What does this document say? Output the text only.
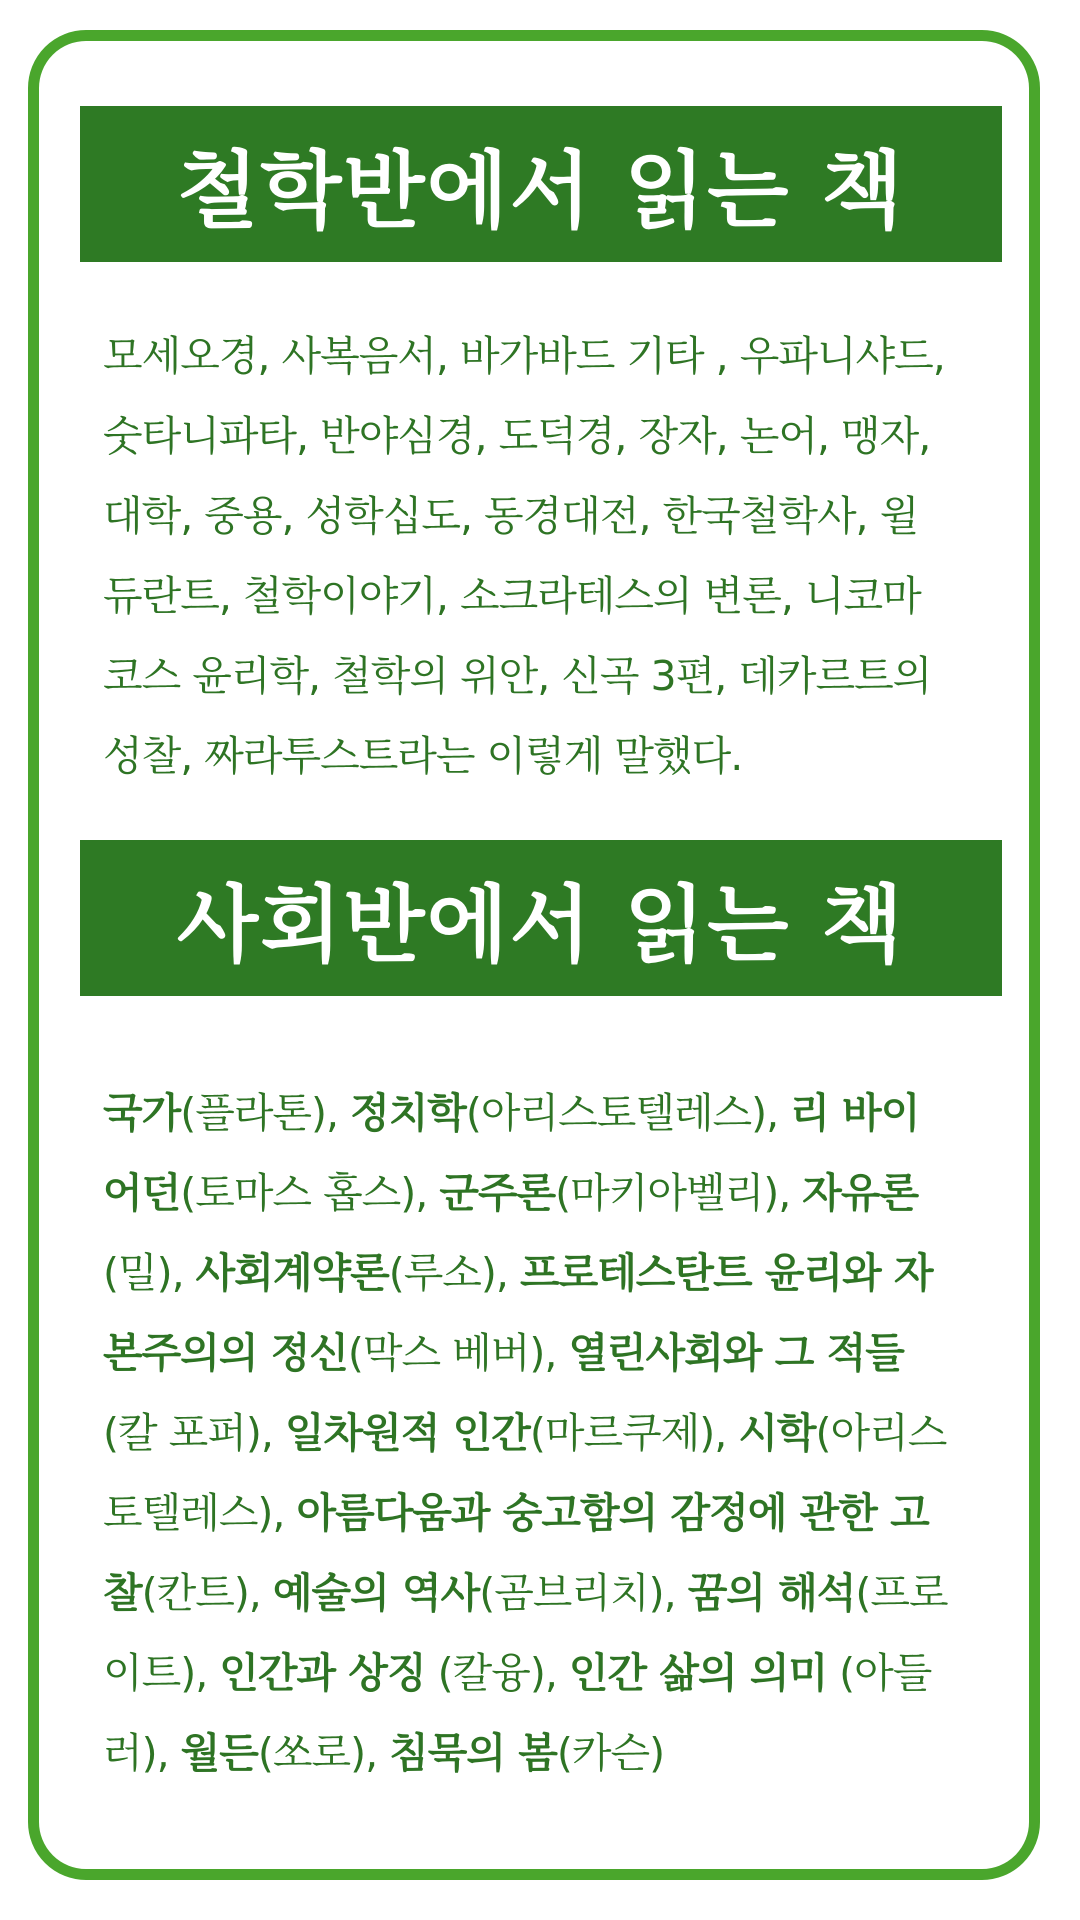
철학반에서 읽는 책
모세오경, 사복음서, 바가바드 기타 , 우파니샤드,
숫타니파타, 반야심경, 도덕경, 장자, 논어, 맹자,
대학, 중용, 성학십도, 동경대전, 한국철학사, 윌
듀란트, 철학이야기, 소크라테스의 변론, 니코마
코스 윤리학, 철학의 위안, 신곡 3편, 데카르트의
성찰, 짜라투스트라는 이렇게 말했다.
사회반에서 읽는 책
국가(플라톤), 정치학(아리스토텔레스), 리 바이
어던(토마스 홉스), 군주론(마키아벨리), 자유론
(밀), 사회계약론(루소), 프로테스탄트 윤리와 자
본주의의 정신(막스 베버), 열린사회와 그 적들
(칼 포퍼), 일차원적 인간(마르쿠제), 시학(아리스
토텔레스), 아름다움과 숭고함의 감정에 관한 고
찰(칸트), 예술의 역사(곰브리치), 꿈의 해석(프로
이트), 인간과 상징 (칼융), 인간 삶의 의미 (아들
러), 월든(쏘로), 침묵의 봄(카슨)
